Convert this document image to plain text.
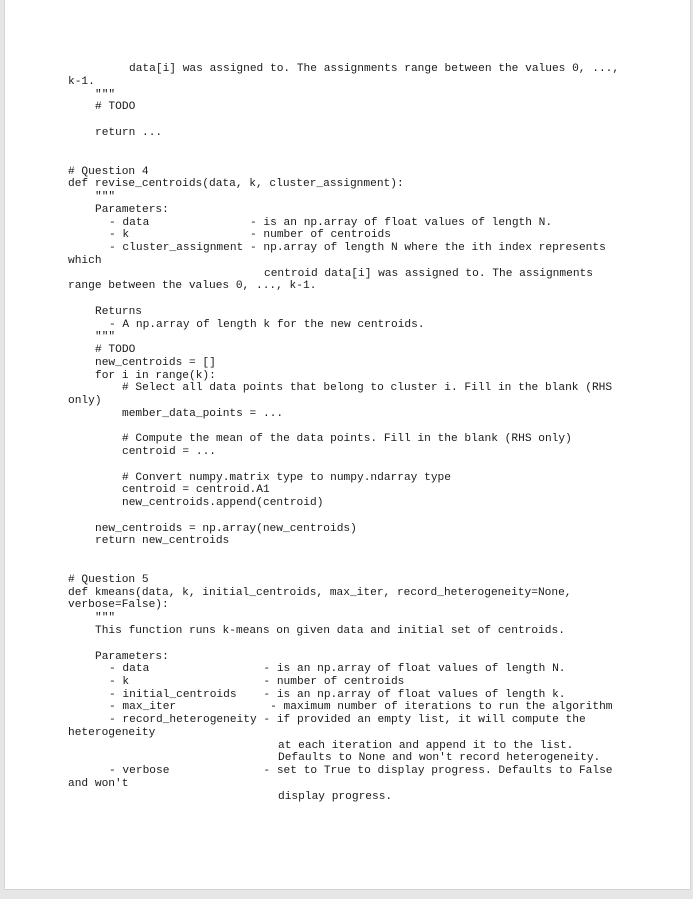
data[i] was assigned to. The assignments range between the values 0, ...,
k-1.
"""
# TODO
return ...
# Question 4
def revise_centroids(data, k, cluster_assignment):
"""
Parameters:
- data               - is an np.array of float values of length N.
- k                  - number of centroids
- cluster_assignment - np.array of length N where the ith index represents
which
centroid data[i] was assigned to. The assignments
range between the values 0, ..., k-1.
Returns
- A np.array of length k for the new centroids.
"""
# TODO
new_centroids = []
for i in range(k):
# Select all data points that belong to cluster i. Fill in the blank (RHS
only)
member_data_points = ...
# Compute the mean of the data points. Fill in the blank (RHS only)
centroid = ...
# Convert numpy.matrix type to numpy.ndarray type
centroid = centroid.A1
new_centroids.append(centroid)
new_centroids = np.array(new_centroids)
return new_centroids
# Question 5
def kmeans(data, k, initial_centroids, max_iter, record_heterogeneity=None,
verbose=False):
"""
This function runs k-means on given data and initial set of centroids.
Parameters:
- data                 - is an np.array of float values of length N.
- k                    - number of centroids
- initial_centroids    - is an np.array of float values of length k.
- max_iter              - maximum number of iterations to run the algorithm
- record_heterogeneity - if provided an empty list, it will compute the
heterogeneity
at each iteration and append it to the list.
Defaults to None and won't record heterogeneity.
- verbose              - set to True to display progress. Defaults to False
and won't
display progress.
